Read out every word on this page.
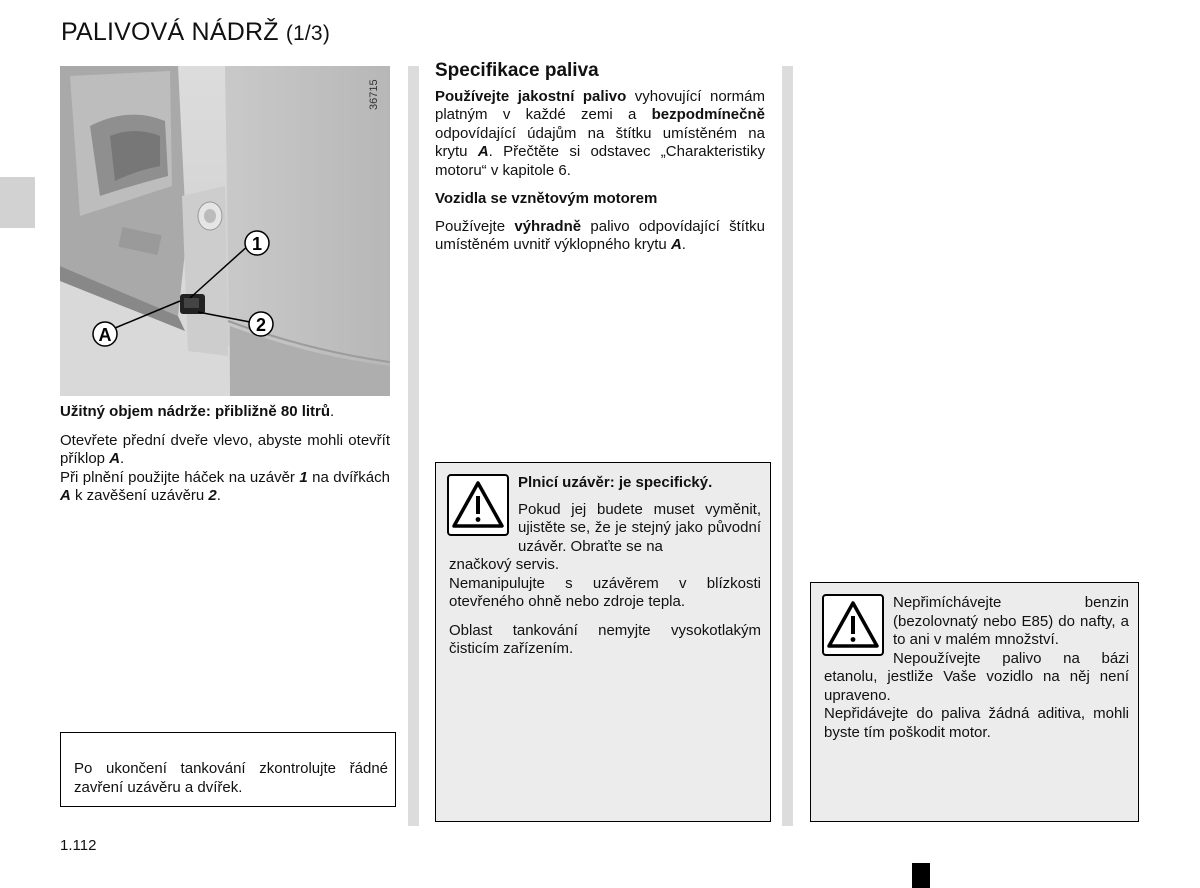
PALIVOVÁ NÁDRŽ (1/3)
1
2
A
36715

Užitný objem nádrže: přibližně 80 litrů.

Otevřete přední dveře vlevo, abyste mohli otevřít příklop A.

Při plnění použijte háček na uzávěr 1 na dvířkách A k zavěšení uzávěru 2.

Po ukončení tankování zkontrolujte řádné zavření uzávěru a dvířek.

Specifikace paliva

Používejte jakostní palivo vyhovující normám platným v každé zemi a bezpodmínečně odpovídající údajům na štítku umístěném na krytu A. Přečtěte si odstavec „Charakteristiky motoru“ v kapitole 6.

Vozidla se vznětovým motorem

Používejte výhradně palivo odpovídající štítku umístěném uvnitř výklopného krytu A.

Plnicí uzávěr: je specifický.

Pokud jej budete muset vyměnit, ujistěte se, že je stejný jako původní uzávěr. Obraťte se na

značkový servis.

Nemanipulujte s uzávěrem v blízkosti otevřeného ohně nebo zdroje tepla.

Oblast tankování nemyjte vysokotlakým čisticím zařízením.

Nepřimíchávejte benzin (bezolovnatý nebo E85) do nafty, a to ani v malém množství.

Nepoužívejte palivo na bázi etanolu, jestliže Vaše vozidlo na něj není upraveno.

Nepřidávejte do paliva žádná aditiva, mohli byste tím poškodit motor.

1.112
